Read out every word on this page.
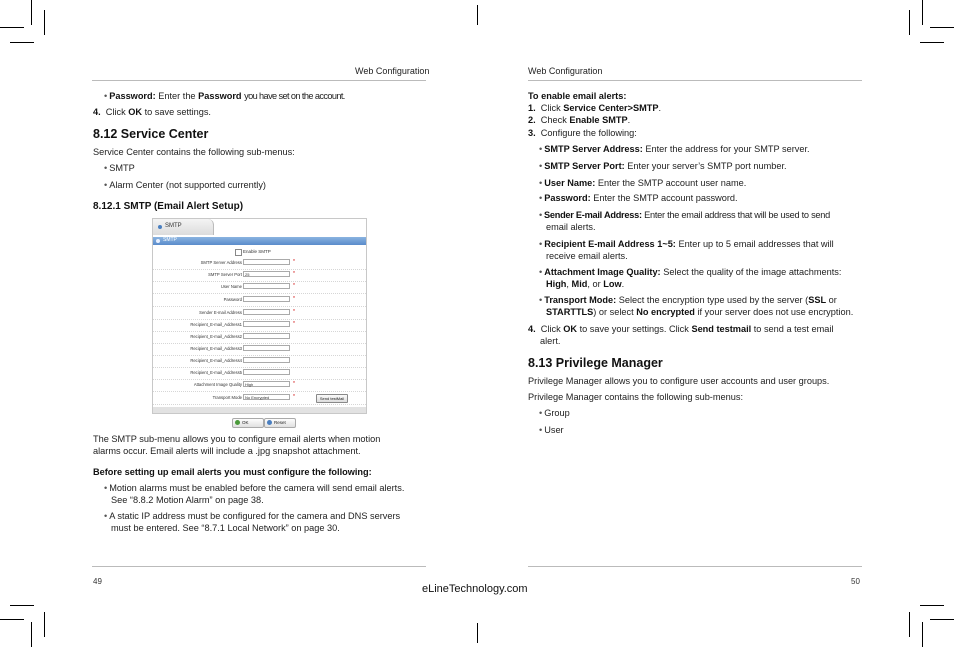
Web Configuration	Web Configuration
• Password: Enter the Password you have set on the account.
4. Click OK to save settings.
8.12 Service Center
Service Center contains the following sub-menus:
• SMTP
• Alarm Center (not supported currently)
8.12.1 SMTP (Email Alert Setup)
SMTP
SMTP
Enable SMTP
SMTP Server Address	*
SMTP Server Port 25	*
User Name	*
Password	*
Sender E-mail Address	*
Recipient_E-mail_Address1	*
Recipient_E-mail_Address2
Recipient_E-mail_Address3
Recipient_E-mail_Address4
Recipient_E-mail_Address5
Attachment Image Quality High	*
Transport Mode No Encrypted	*	Send testMail
OK	Reset
The SMTP sub-menu allows you to configure email alerts when motion
alarms occur. Email alerts will include a .jpg snapshot attachment.
Before setting up email alerts you must configure the following:
• Motion alarms must be enabled before the camera will send email alerts.
See “8.8.2 Motion Alarm” on page 38.
• A static IP address must be configured for the camera and DNS servers
must be entered. See “8.7.1 Local Network” on page 30.
49
To enable email alerts:
1. Click Service Center>SMTP.
2. Check Enable SMTP.
3. Configure the following:
• SMTP Server Address: Enter the address for your SMTP server.
• SMTP Server Port: Enter your server’s SMTP port number.
• User Name: Enter the SMTP account user name.
• Password: Enter the SMTP account password.
• Sender E-mail Address: Enter the email address that will be used to send
email alerts.
• Recipient E-mail Address 1~5: Enter up to 5 email addresses that will
receive email alerts.
• Attachment Image Quality: Select the quality of the image attachments:
High, Mid, or Low.
• Transport Mode: Select the encryption type used by the server (SSL or
STARTTLS) or select No encrypted if your server does not use encryption.
4. Click OK to save your settings. Click Send testmail to send a test email
alert.
8.13 Privilege Manager
Privilege Manager allows you to configure user accounts and user groups.
Privilege Manager contains the following sub-menus:
• Group
• User
50
eLineTechnology.com
